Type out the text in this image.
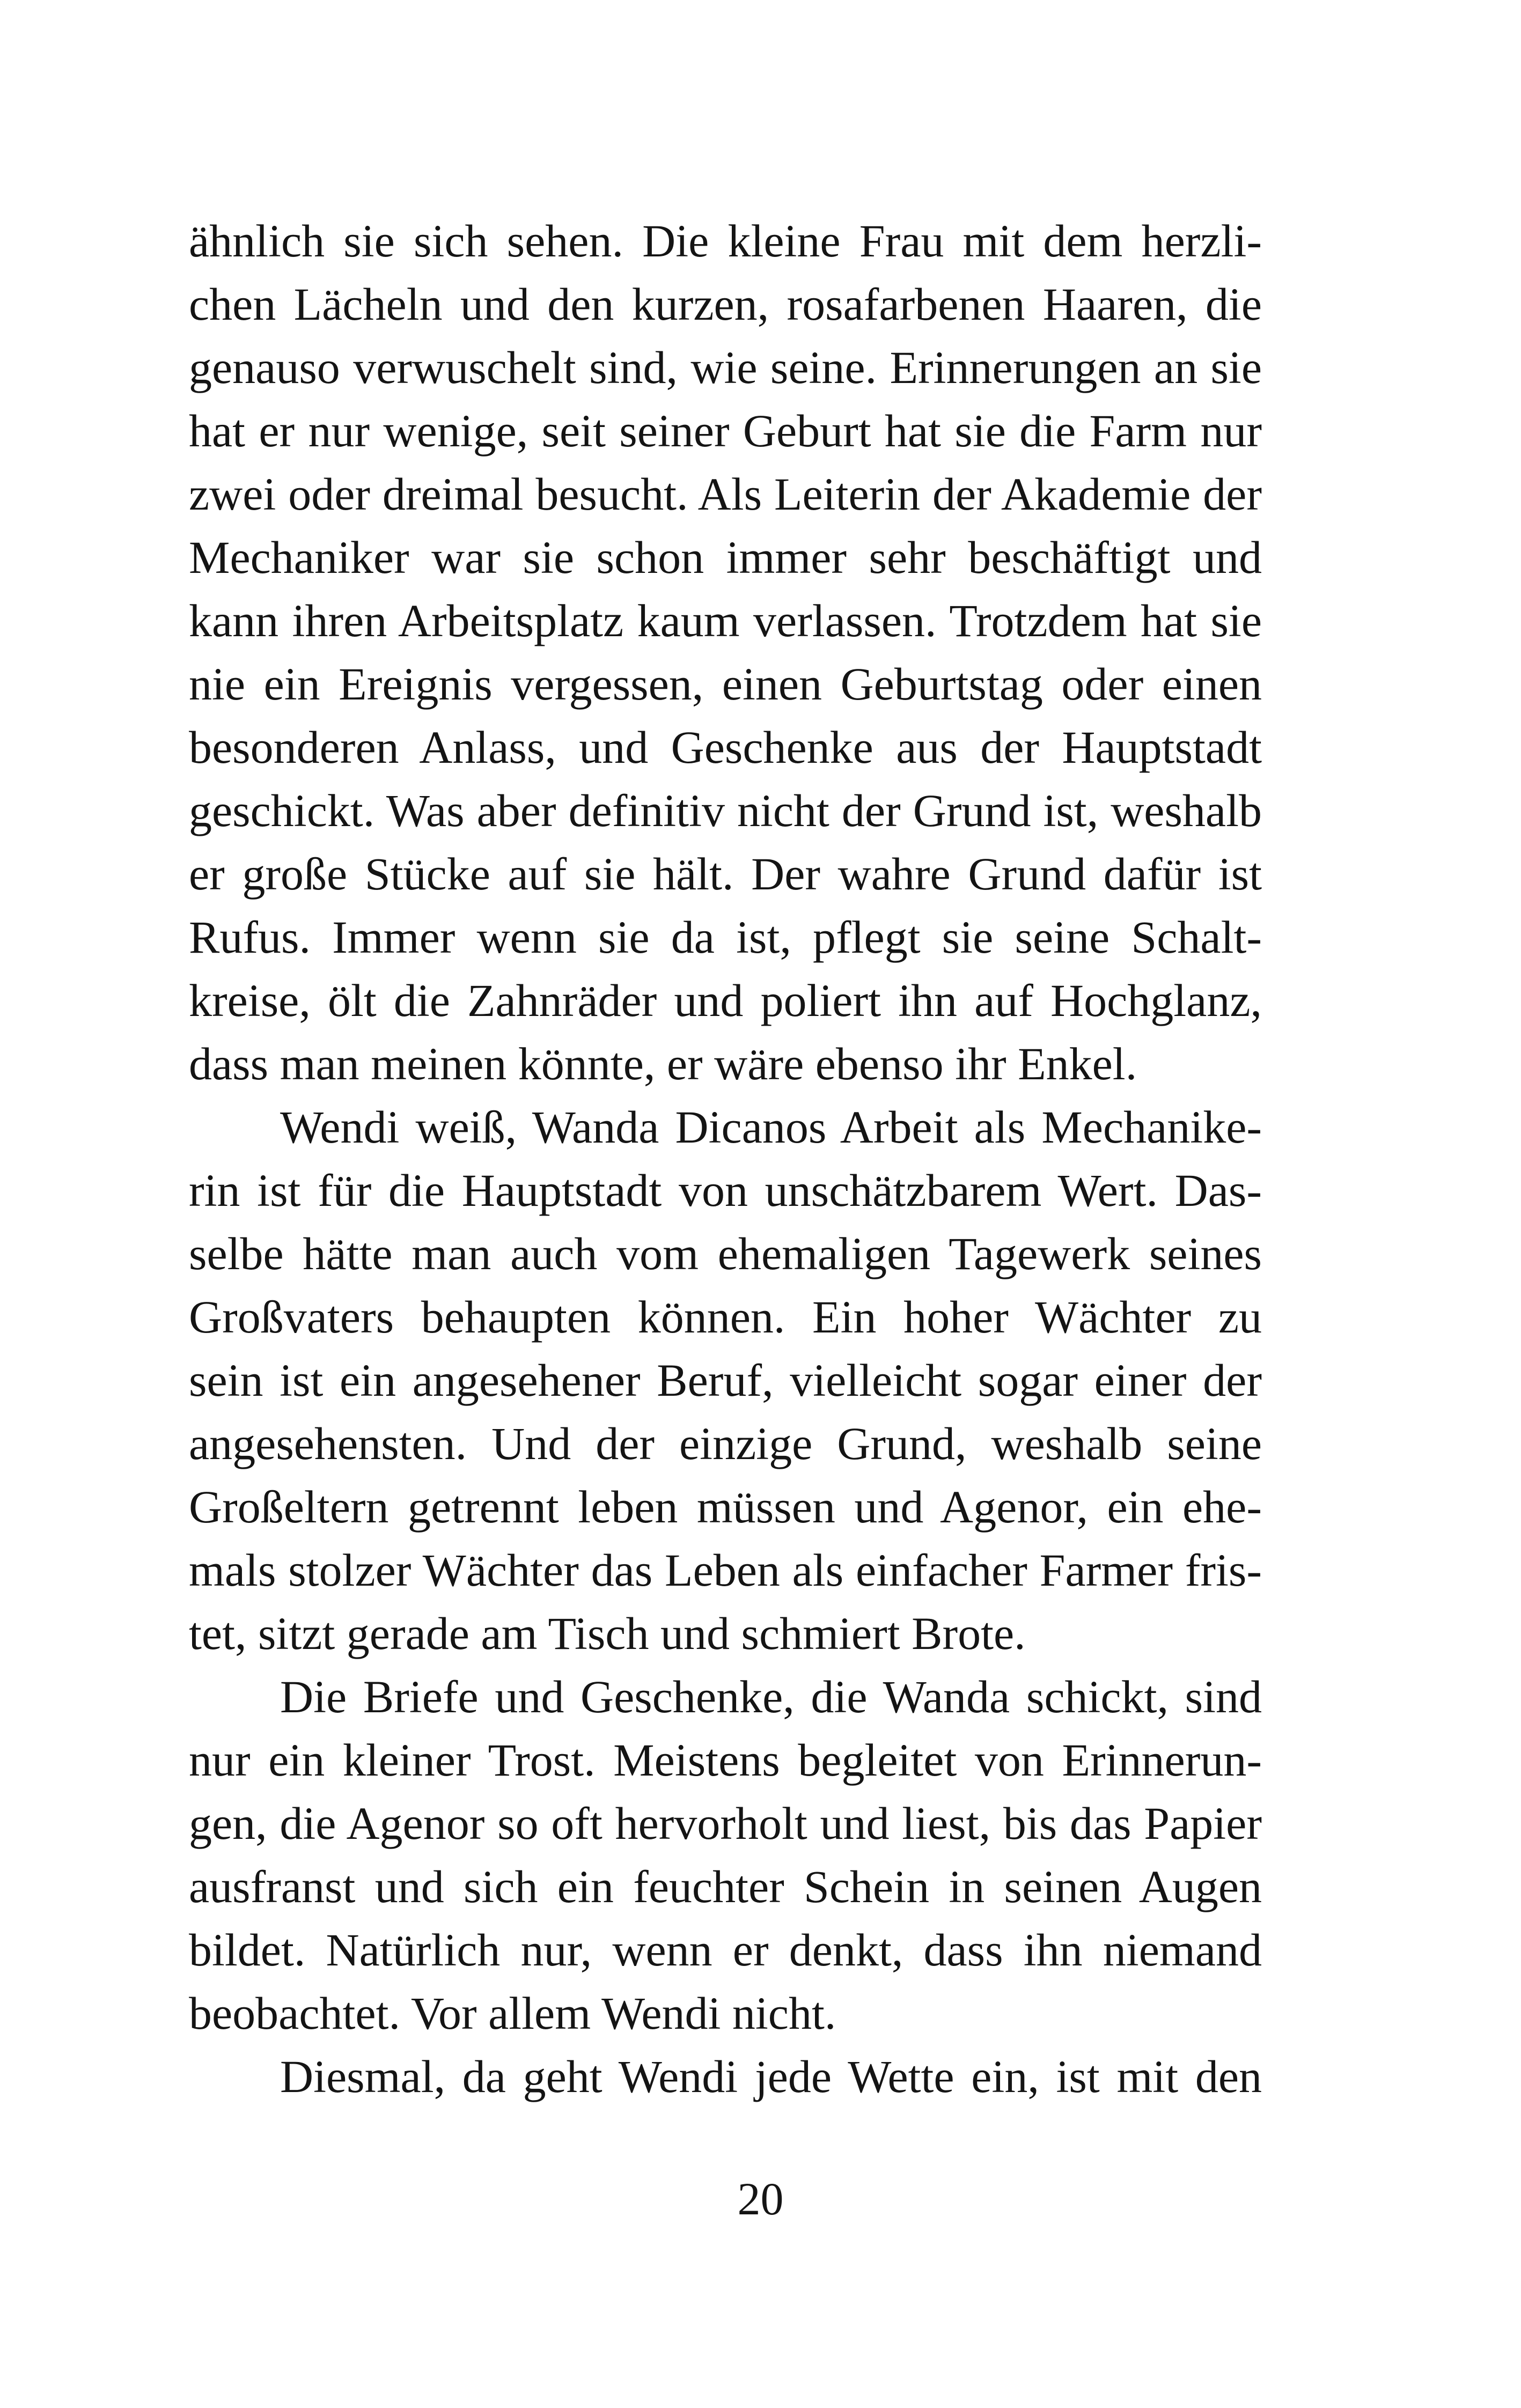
ähnlich sie sich sehen. Die kleine Frau mit dem herzli-
chen Lächeln und den kurzen, rosafarbenen Haaren, die
genauso verwuschelt sind, wie seine. Erinnerungen an sie
hat er nur wenige, seit seiner Geburt hat sie die Farm nur
zwei oder dreimal besucht. Als Leiterin der Akademie der
Mechaniker war sie schon immer sehr beschäftigt und
kann ihren Arbeitsplatz kaum verlassen. Trotzdem hat sie
nie ein Ereignis vergessen, einen Geburtstag oder einen
besonderen Anlass, und Geschenke aus der Hauptstadt
geschickt. Was aber definitiv nicht der Grund ist, weshalb
er große Stücke auf sie hält. Der wahre Grund dafür ist
Rufus. Immer wenn sie da ist, pflegt sie seine Schalt-
kreise, ölt die Zahnräder und poliert ihn auf Hochglanz,
dass man meinen könnte, er wäre ebenso ihr Enkel.
Wendi weiß, Wanda Dicanos Arbeit als Mechanike-
rin ist für die Hauptstadt von unschätzbarem Wert. Das-
selbe hätte man auch vom ehemaligen Tagewerk seines
Großvaters behaupten können. Ein hoher Wächter zu
sein ist ein angesehener Beruf, vielleicht sogar einer der
angesehensten. Und der einzige Grund, weshalb seine
Großeltern getrennt leben müssen und Agenor, ein ehe-
mals stolzer Wächter das Leben als einfacher Farmer fris-
tet, sitzt gerade am Tisch und schmiert Brote.
Die Briefe und Geschenke, die Wanda schickt, sind
nur ein kleiner Trost. Meistens begleitet von Erinnerun-
gen, die Agenor so oft hervorholt und liest, bis das Papier
ausfranst und sich ein feuchter Schein in seinen Augen
bildet. Natürlich nur, wenn er denkt, dass ihn niemand
beobachtet. Vor allem Wendi nicht.
Diesmal, da geht Wendi jede Wette ein, ist mit den
20
